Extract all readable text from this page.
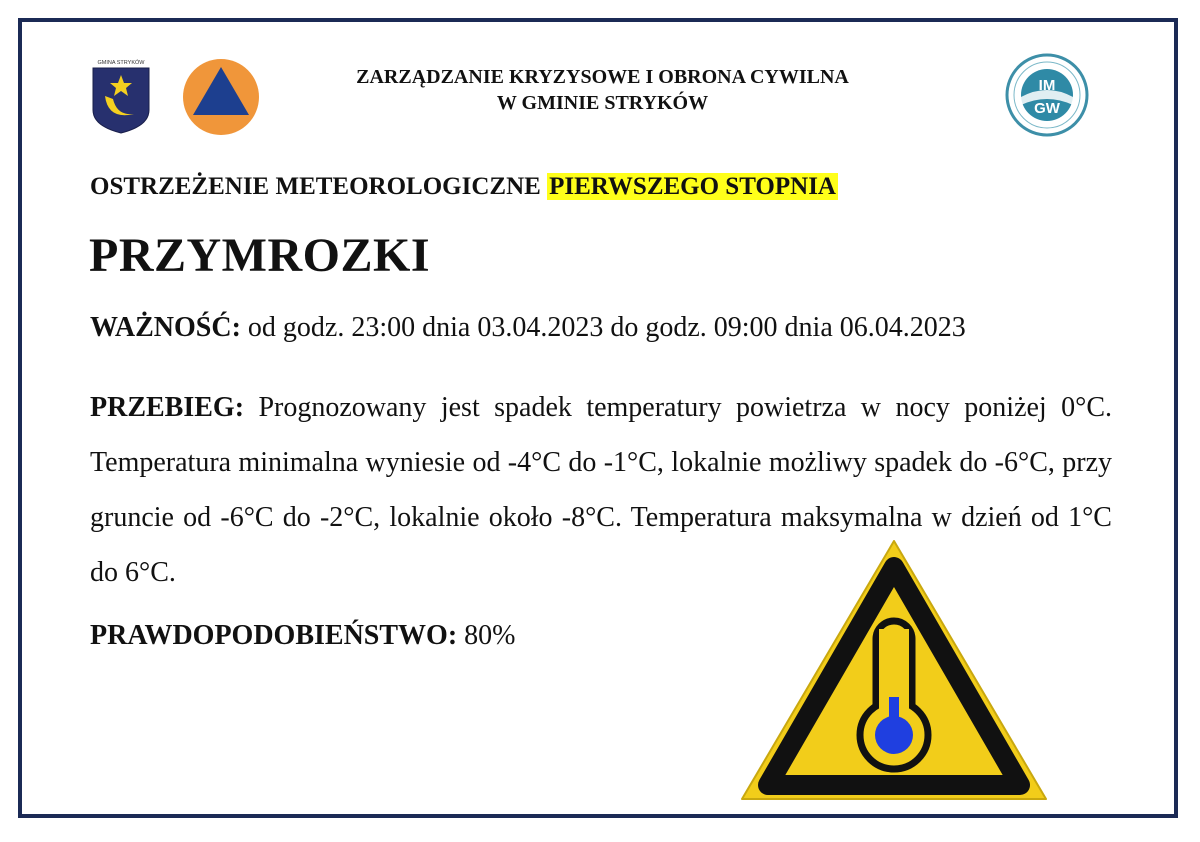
GMINA STRYKÓW
ZARZĄDZANIE KRYZYSOWE I OBRONA CYWILNA
W GMINIE STRYKÓW
IM
GW
OSTRZEŻENIE METEOROLOGICZNE PIERWSZEGO STOPNIA
PRZYMROZKI
WAŻNOŚĆ: od godz. 23:00 dnia 03.04.2023 do godz. 09:00 dnia 06.04.2023
PRZEBIEG: Prognozowany jest spadek temperatury powietrza w nocy poniżej 0°C. Temperatura minimalna wyniesie od -4°C do -1°C, lokalnie możliwy spadek do -6°C, przy gruncie od -6°C do -2°C, lokalnie około -8°C. Temperatura maksymalna w dzień od 1°C do 6°C.
PRAWDOPODOBIEŃSTWO: 80%
